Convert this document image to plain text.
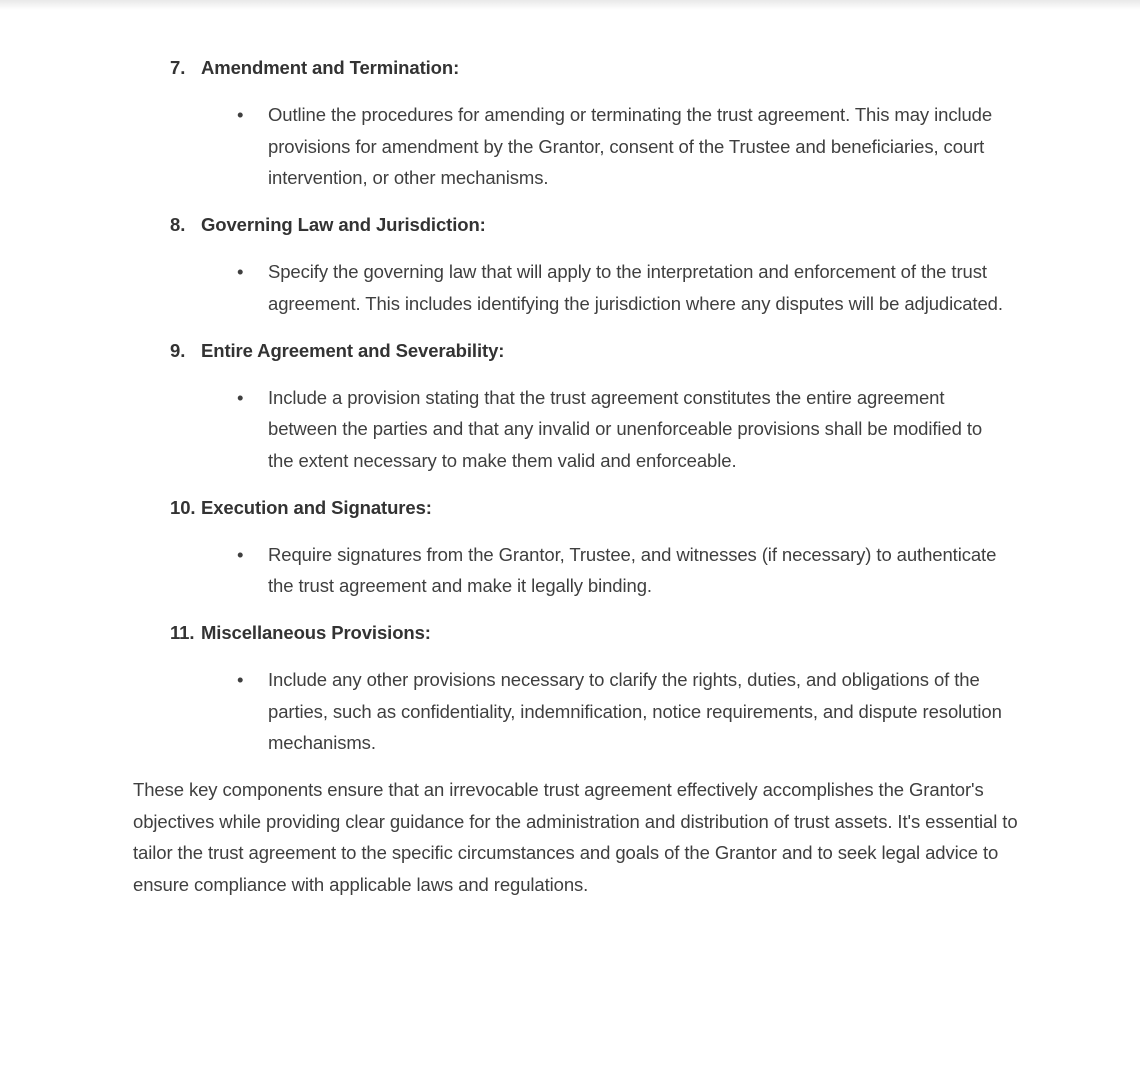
7. Amendment and Termination:
•	Outline the procedures for amending or terminating the trust agreement. This may include provisions for amendment by the Grantor, consent of the Trustee and beneficiaries, court intervention, or other mechanisms.
8. Governing Law and Jurisdiction:
•	Specify the governing law that will apply to the interpretation and enforcement of the trust agreement. This includes identifying the jurisdiction where any disputes will be adjudicated.
9. Entire Agreement and Severability:
•	Include a provision stating that the trust agreement constitutes the entire agreement between the parties and that any invalid or unenforceable provisions shall be modified to the extent necessary to make them valid and enforceable.
10. Execution and Signatures:
•	Require signatures from the Grantor, Trustee, and witnesses (if necessary) to authenticate the trust agreement and make it legally binding.
11. Miscellaneous Provisions:
•	Include any other provisions necessary to clarify the rights, duties, and obligations of the parties, such as confidentiality, indemnification, notice requirements, and dispute resolution mechanisms.

These key components ensure that an irrevocable trust agreement effectively accomplishes the Grantor's objectives while providing clear guidance for the administration and distribution of trust assets. It's essential to tailor the trust agreement to the specific circumstances and goals of the Grantor and to seek legal advice to ensure compliance with applicable laws and regulations.
